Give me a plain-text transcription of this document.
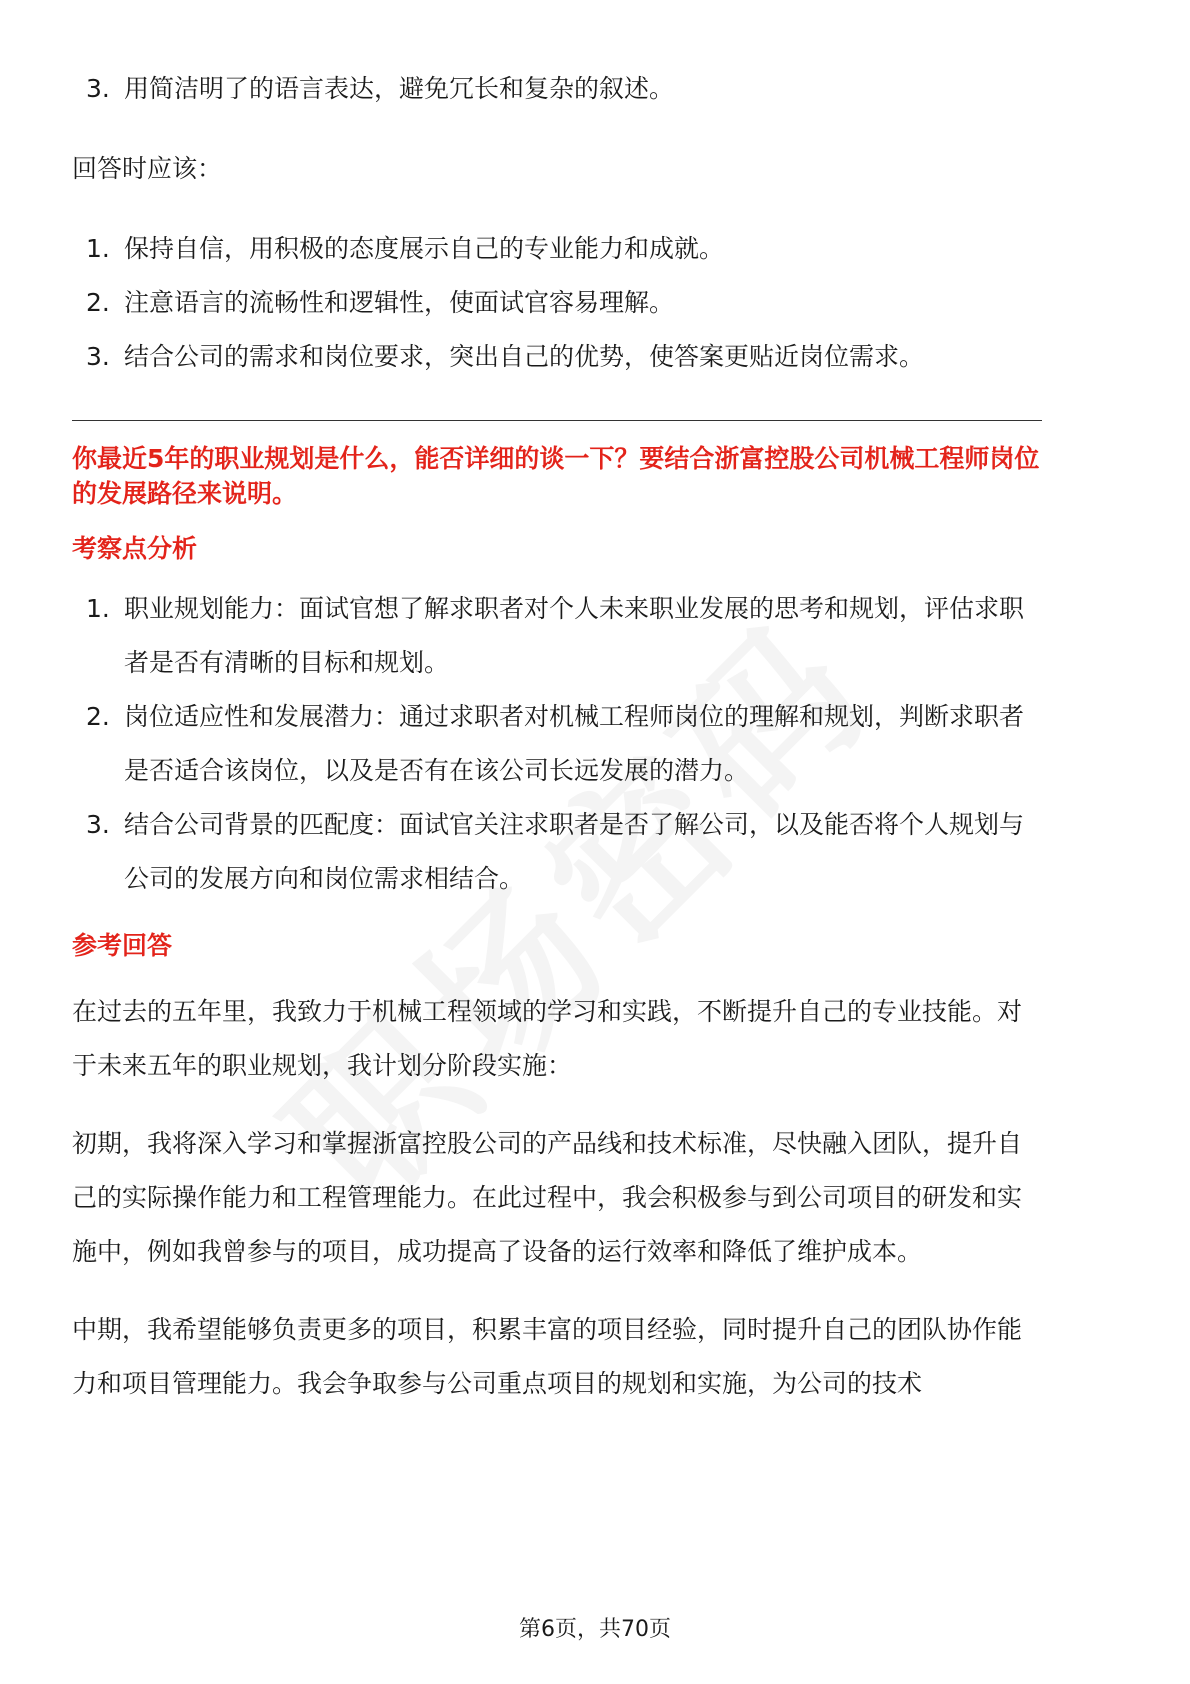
3. 用简洁明了的语言表达，避免冗长和复杂的叙述。

回答时应该：

1. 保持自信，用积极的态度展示自己的专业能力和成就。
2. 注意语言的流畅性和逻辑性，使面试官容易理解。
3. 结合公司的需求和岗位要求，突出自己的优势，使答案更贴近岗位需求。

你最近5年的职业规划是什么，能否详细的谈一下？要结合浙富控股公司机械工程师岗位的发展路径来说明。

考察点分析

1. 职业规划能力：面试官想了解求职者对个人未来职业发展的思考和规划，评估求职者是否有清晰的目标和规划。
2. 岗位适应性和发展潜力：通过求职者对机械工程师岗位的理解和规划，判断求职者是否适合该岗位，以及是否有在该公司长远发展的潜力。
3. 结合公司背景的匹配度：面试官关注求职者是否了解公司，以及能否将个人规划与公司的发展方向和岗位需求相结合。

参考回答

在过去的五年里，我致力于机械工程领域的学习和实践，不断提升自己的专业技能。对于未来五年的职业规划，我计划分阶段实施：

初期，我将深入学习和掌握浙富控股公司的产品线和技术标准，尽快融入团队，提升自己的实际操作能力和工程管理能力。在此过程中，我会积极参与到公司项目的研发和实施中，例如我曾参与的项目，成功提高了设备的运行效率和降低了维护成本。

中期，我希望能够负责更多的项目，积累丰富的项目经验，同时提升自己的团队协作能力和项目管理能力。我会争取参与公司重点项目的规划和实施，为公司的技术

第6页，共70页
